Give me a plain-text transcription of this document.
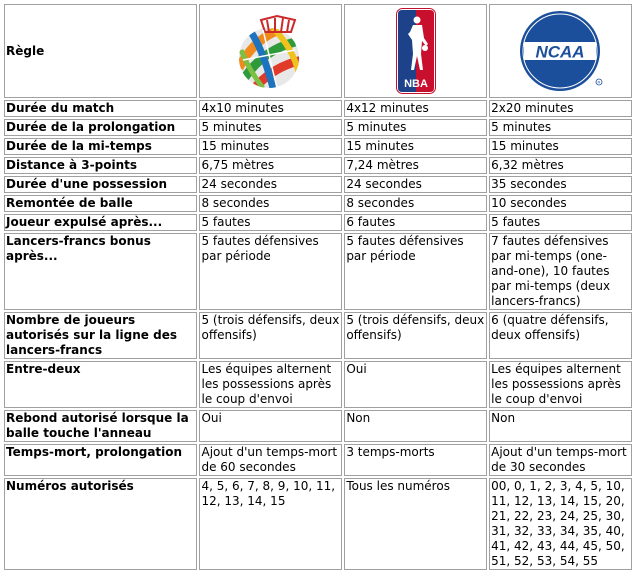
Règle		NBA	NCAA
R

Durée du match	4x10 minutes	4x12 minutes	2x20 minutes
Durée de la prolongation	5 minutes	5 minutes	5 minutes
Durée de la mi-temps	15 minutes	15 minutes	15 minutes
Distance à 3-points	6,75 mètres	7,24 mètres	6,32 mètres
Durée d'une possession	24 secondes	24 secondes	35 secondes
Remontée de balle	8 secondes	8 secondes	10 secondes
Joueur expulsé après...	5 fautes	6 fautes	5 fautes
Lancers-francs bonus après...	5 fautes défensives par période	5 fautes défensives par période	7 fautes défensives par mi-temps (one-and-one), 10 fautes par mi-temps (deux lancers-francs)
Nombre de joueurs autorisés sur la ligne des lancers-francs	5 (trois défensifs, deux offensifs)	5 (trois défensifs, deux offensifs)	6 (quatre défensifs, deux offensifs)
Entre-deux	Les équipes alternent les possessions après le coup d'envoi	Oui	Les équipes alternent les possessions après le coup d'envoi
Rebond autorisé lorsque la balle touche l'anneau	Oui	Non	Non
Temps-mort, prolongation	Ajout d'un temps-mort de 60 secondes	3 temps-morts	Ajout d'un temps-mort de 30 secondes
Numéros autorisés	4, 5, 6, 7, 8, 9, 10, 11, 12, 13, 14, 15	Tous les numéros	00, 0, 1, 2, 3, 4, 5, 10, 11, 12, 13, 14, 15, 20, 21, 22, 23, 24, 25, 30, 31, 32, 33, 34, 35, 40, 41, 42, 43, 44, 45, 50, 51, 52, 53, 54, 55
